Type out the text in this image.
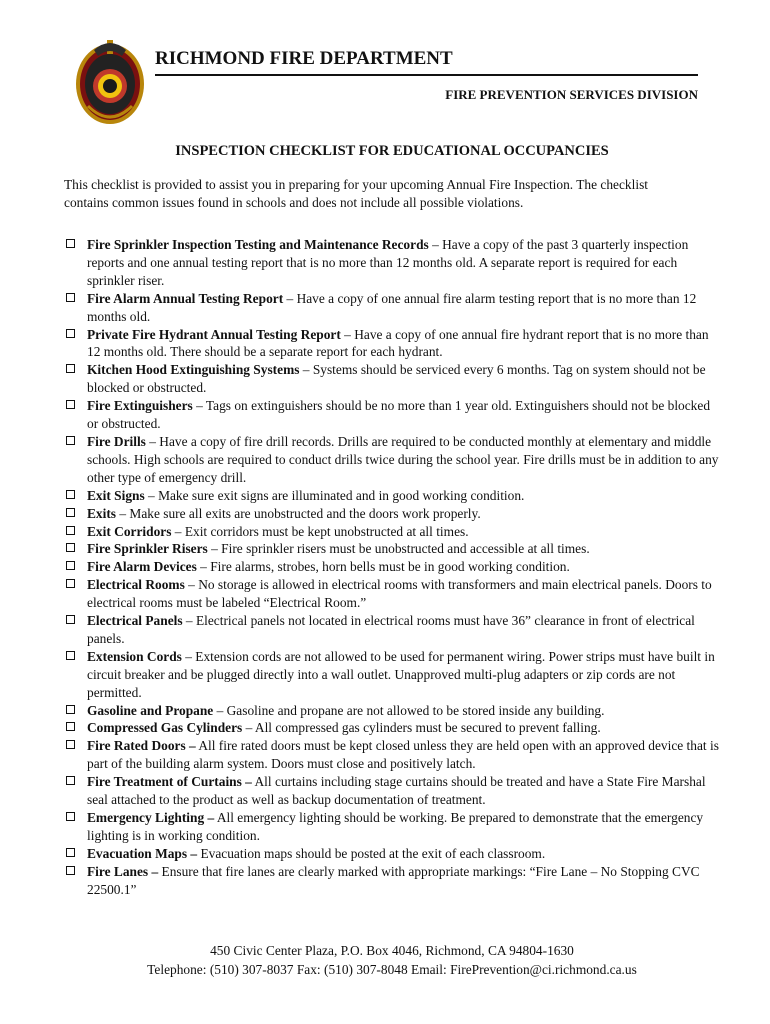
RICHMOND FIRE DEPARTMENT
FIRE PREVENTION SERVICES DIVISION
INSPECTION CHECKLIST FOR EDUCATIONAL OCCUPANCIES

This checklist is provided to assist you in preparing for your upcoming Annual Fire Inspection. The checklist contains common issues found in schools and does not include all possible violations.

Fire Sprinkler Inspection Testing and Maintenance Records – Have a copy of the past 3 quarterly inspection reports and one annual testing report that is no more than 12 months old. A separate report is required for each sprinkler riser.
Fire Alarm Annual Testing Report – Have a copy of one annual fire alarm testing report that is no more than 12 months old.
Private Fire Hydrant Annual Testing Report – Have a copy of one annual fire hydrant report that is no more than 12 months old. There should be a separate report for each hydrant.
Kitchen Hood Extinguishing Systems – Systems should be serviced every 6 months. Tag on system should not be blocked or obstructed.
Fire Extinguishers – Tags on extinguishers should be no more than 1 year old. Extinguishers should not be blocked or obstructed.
Fire Drills – Have a copy of fire drill records. Drills are required to be conducted monthly at elementary and middle schools. High schools are required to conduct drills twice during the school year. Fire drills must be in addition to any other type of emergency drill.
Exit Signs – Make sure exit signs are illuminated and in good working condition.
Exits – Make sure all exits are unobstructed and the doors work properly.
Exit Corridors – Exit corridors must be kept unobstructed at all times.
Fire Sprinkler Risers – Fire sprinkler risers must be unobstructed and accessible at all times.
Fire Alarm Devices – Fire alarms, strobes, horn bells must be in good working condition.
Electrical Rooms – No storage is allowed in electrical rooms with transformers and main electrical panels. Doors to electrical rooms must be labeled “Electrical Room.”
Electrical Panels – Electrical panels not located in electrical rooms must have 36” clearance in front of electrical panels.
Extension Cords – Extension cords are not allowed to be used for permanent wiring. Power strips must have built in circuit breaker and be plugged directly into a wall outlet. Unapproved multi-plug adapters or zip cords are not permitted.
Gasoline and Propane – Gasoline and propane are not allowed to be stored inside any building.
Compressed Gas Cylinders – All compressed gas cylinders must be secured to prevent falling.
Fire Rated Doors – All fire rated doors must be kept closed unless they are held open with an approved device that is part of the building alarm system. Doors must close and positively latch.
Fire Treatment of Curtains – All curtains including stage curtains should be treated and have a State Fire Marshal seal attached to the product as well as backup documentation of treatment.
Emergency Lighting – All emergency lighting should be working. Be prepared to demonstrate that the emergency lighting is in working condition.
Evacuation Maps – Evacuation maps should be posted at the exit of each classroom.
Fire Lanes – Ensure that fire lanes are clearly marked with appropriate markings: “Fire Lane – No Stopping CVC 22500.1”
450 Civic Center Plaza, P.O. Box 4046, Richmond, CA 94804-1630
Telephone: (510) 307-8037 Fax: (510) 307-8048 Email: FirePrevention@ci.richmond.ca.us
